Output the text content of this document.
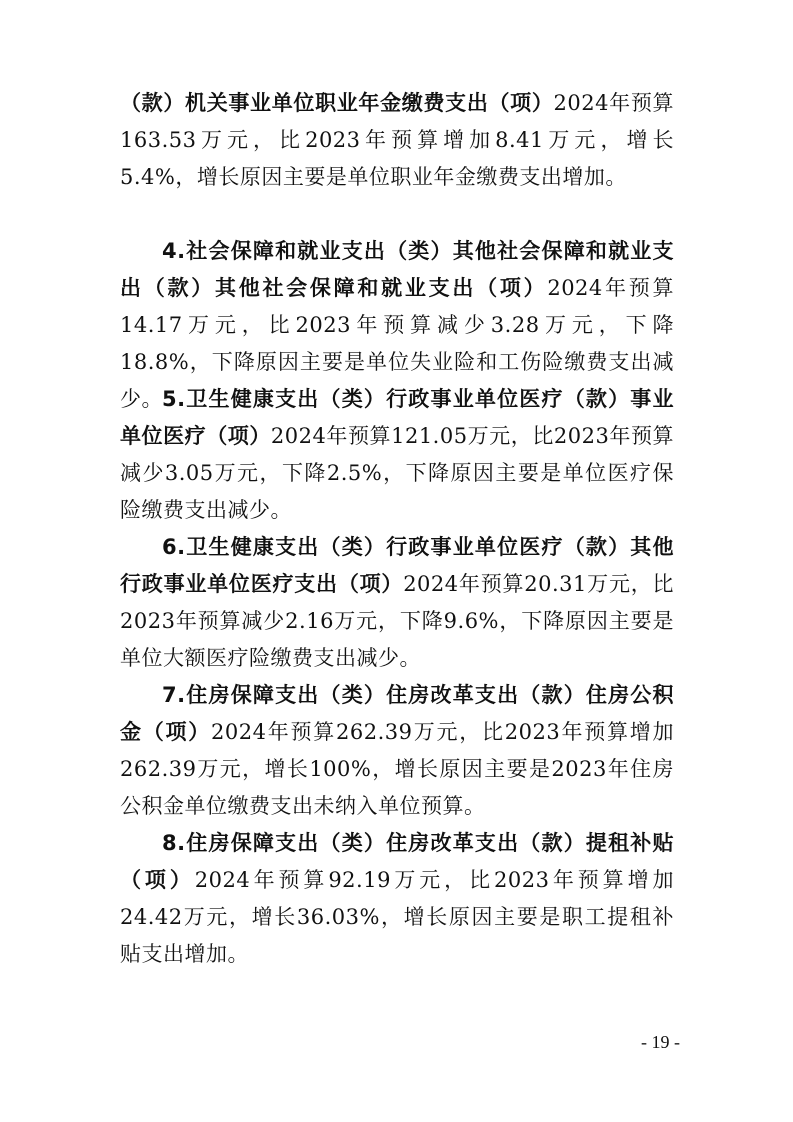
（款）机关事业单位职业年金缴费支出（项）2024年预算163.53万元，比2023年预算增加8.41万元，增长5.4%，增长原因主要是单位职业年金缴费支出增加。

4.社会保障和就业支出（类）其他社会保障和就业支出（款）其他社会保障和就业支出（项）2024年预算14.17万元，比2023年预算减少3.28万元，下降18.8%，下降原因主要是单位失业险和工伤险缴费支出减少。 5.卫生健康支出（类）行政事业单位医疗（款）事业单位医疗（项）2024年预算121.05万元，比2023年预算减少3.05万元，下降2.5%，下降原因主要是单位医疗保险缴费支出减少。

6.卫生健康支出（类）行政事业单位医疗（款）其他行政事业单位医疗支出（项）2024年预算20.31万元，比2023年预算减少2.16万元，下降9.6%，下降原因主要是单位大额医疗险缴费支出减少。

7.住房保障支出（类）住房改革支出（款）住房公积金（项）2024年预算262.39万元，比2023年预算增加262.39万元，增长100%，增长原因主要是2023年住房公积金单位缴费支出未纳入单位预算。

8.住房保障支出（类）住房改革支出（款）提租补贴（项）2024年预算92.19万元，比2023年预算增加24.42万元，增长36.03%，增长原因主要是职工提租补贴支出增加。

- 19 -
